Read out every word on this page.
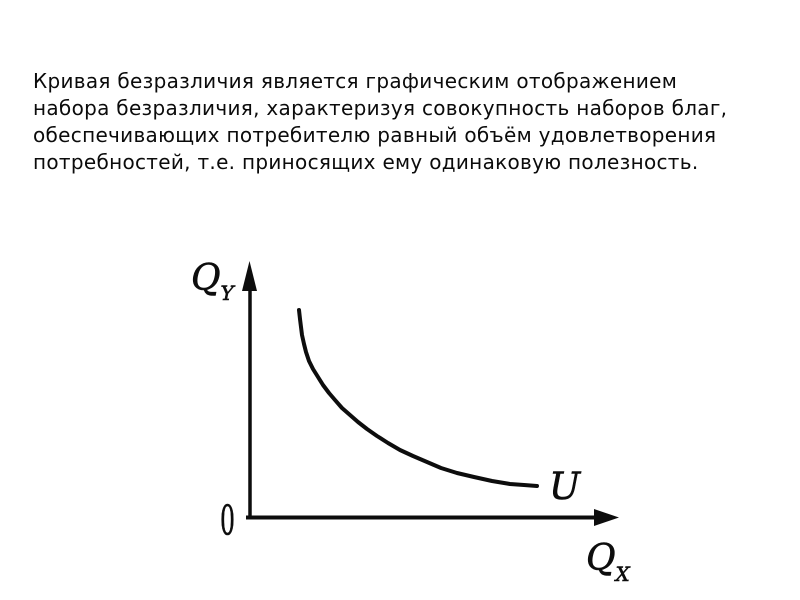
Кривая безразличия является графическим отображением
набора безразличия, характеризуя совокупность наборов благ,
обеспечивающих потребителю равный объём удовлетворения
потребностей, т.е. приносящих ему одинаковую полезность.
$Q_Y$
0
U
$Q_X$
